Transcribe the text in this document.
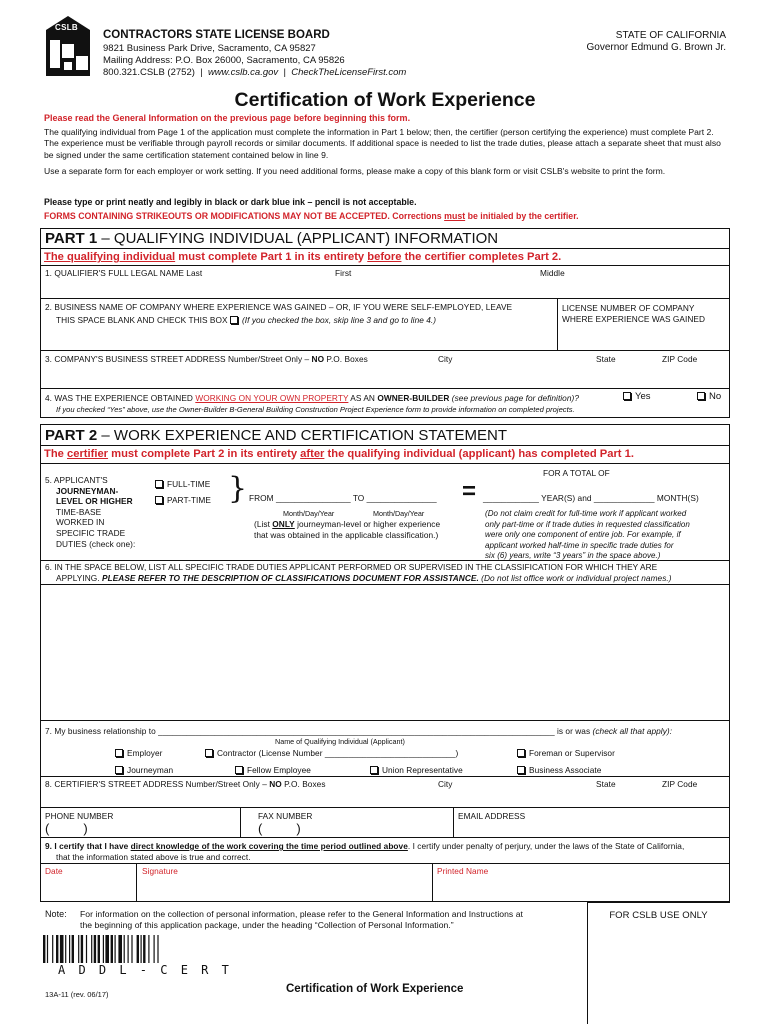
CSLB
CONTRACTORS STATE LICENSE BOARD
9821 Business Park Drive, Sacramento, CA 95827
Mailing Address: P.O. Box 26000, Sacramento, CA 95826
800.321.CSLB (2752) | www.cslb.ca.gov | CheckTheLicenseFirst.com
STATE OF CALIFORNIA
Governor Edmund G. Brown Jr.
Certification of Work Experience
Please read the General Information on the previous page before beginning this form.
The qualifying individual from Page 1 of the application must complete the information in Part 1 below; then, the certifier (person certifying the experience) must complete Part 2. The experience must be verifiable through payroll records or similar documents. If additional space is needed to list the trade duties, please attach a separate sheet that must also be signed under the same certification statement contained below in line 9.
Use a separate form for each employer or work setting. If you need additional forms, please make a copy of this blank form or visit CSLB's website to print the form.
Please type or print neatly and legibly in black or dark blue ink – pencil is not acceptable.
FORMS CONTAINING STRIKEOUTS OR MODIFICATIONS MAY NOT BE ACCEPTED. Corrections must be initialed by the certifier.
PART 1 – QUALIFYING INDIVIDUAL (APPLICANT) INFORMATION
The qualifying individual must complete Part 1 in its entirety before the certifier completes Part 2.
1. QUALIFIER'S FULL LEGAL NAME Last	First	Middle
2. BUSINESS NAME OF COMPANY WHERE EXPERIENCE WAS GAINED – OR, IF YOU WERE SELF-EMPLOYED, LEAVE
THIS SPACE BLANK AND CHECK THIS BOX (If you checked the box, skip line 3 and go to line 4.)
LICENSE NUMBER OF COMPANY
WHERE EXPERIENCE WAS GAINED
3. COMPANY'S BUSINESS STREET ADDRESS Number/Street Only – NO P.O. Boxes	City	State	ZIP Code
4. WAS THE EXPERIENCE OBTAINED WORKING ON YOUR OWN PROPERTY AS AN OWNER-BUILDER (see previous page for definition)?	Yes	No
If you checked “Yes” above, use the Owner-Builder B-General Building Construction Project Experience form to provide information on completed projects.
PART 2 – WORK EXPERIENCE AND CERTIFICATION STATEMENT
The certifier must complete Part 2 in its entirety after the qualifying individual (applicant) has completed Part 1.
5. APPLICANT'S
JOURNEYMAN-
LEVEL OR HIGHER
TIME-BASE
WORKED IN
SPECIFIC TRADE
DUTIES (check one):
FULL-TIME
PART-TIME } FROM ________________ TO _______________
Month/Day/Year	Month/Day/Year
(List ONLY journeyman-level or higher experience
that was obtained in the applicable classification.)
=
FOR A TOTAL OF
____________ YEAR(S) and _____________ MONTH(S)
(Do not claim credit for full-time work if applicant worked
only part-time or if trade duties in requested classification
were only one component of entire job. For example, if
applicant worked half-time in specific trade duties for
six (6) years, write “3 years” in the space above.)
6. IN THE SPACE BELOW, LIST ALL SPECIFIC TRADE DUTIES APPLICANT PERFORMED OR SUPERVISED IN THE CLASSIFICATION FOR WHICH THEY ARE
APPLYING. PLEASE REFER TO THE DESCRIPTION OF CLASSIFICATIONS DOCUMENT FOR ASSISTANCE. (Do not list office work or individual project names.)
7. My business relationship to _____________________________________________________________________________________ is or was (check all that apply):
Name of Qualifying Individual (Applicant)
Employer	Contractor (License Number ____________________________)	Foreman or Supervisor
Journeyman	Fellow Employee	Union Representative	Business Associate
8. CERTIFIER'S STREET ADDRESS Number/Street Only – NO P.O. Boxes	City	State	ZIP Code
PHONE NUMBER	FAX NUMBER	EMAIL ADDRESS
(	)	(	)
9. I certify that I have direct knowledge of the work covering the time period outlined above. I certify under penalty of perjury, under the laws of the State of California,
that the information stated above is true and correct.
Date	Signature	Printed Name
Note: For information on the collection of personal information, please refer to the General Information and Instructions at
the beginning of this application package, under the heading “Collection of Personal Information.”
FOR CSLB USE ONLY
A D D L - C E R T
13A-11 (rev. 06/17)	Certification of Work Experience
